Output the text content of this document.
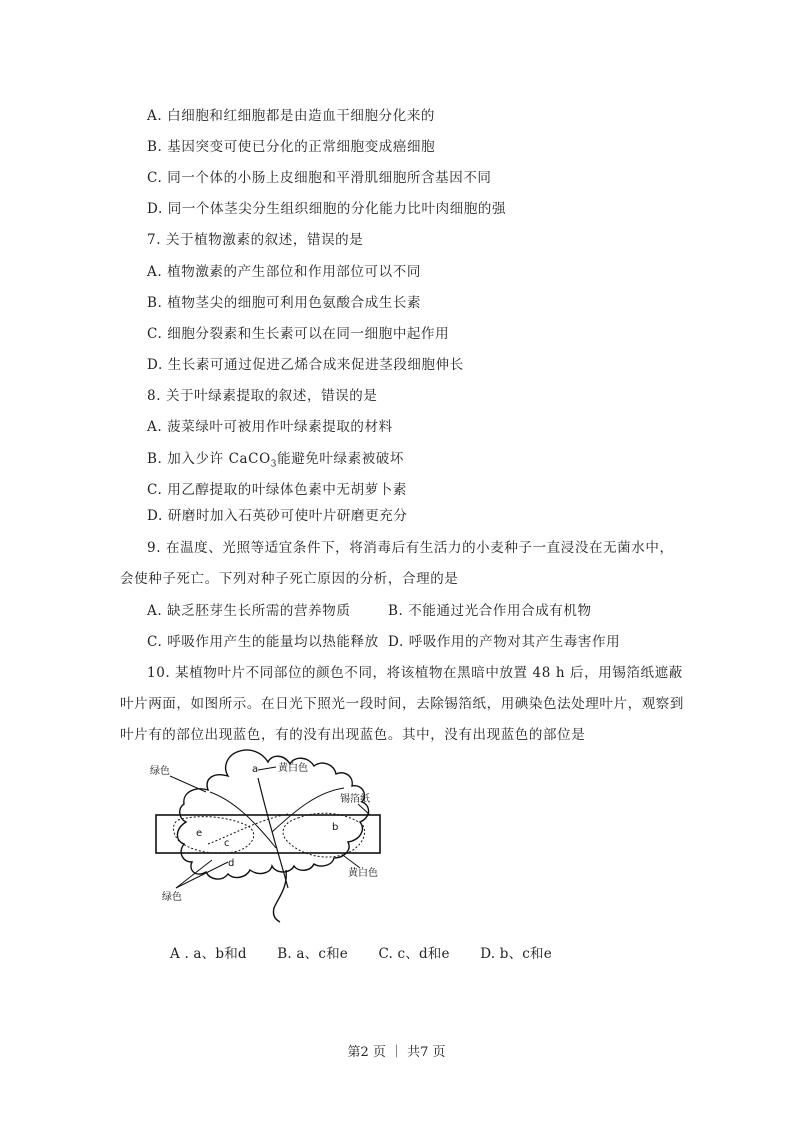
A. 白细胞和红细胞都是由造血干细胞分化来的
B. 基因突变可使已分化的正常细胞变成癌细胞
C. 同一个体的小肠上皮细胞和平滑肌细胞所含基因不同
D. 同一个体茎尖分生组织细胞的分化能力比叶肉细胞的强
7. 关于植物激素的叙述，错误的是
A. 植物激素的产生部位和作用部位可以不同
B. 植物茎尖的细胞可利用色氨酸合成生长素
C. 细胞分裂素和生长素可以在同一细胞中起作用
D. 生长素可通过促进乙烯合成来促进茎段细胞伸长
8. 关于叶绿素提取的叙述，错误的是
A. 菠菜绿叶可被用作叶绿素提取的材料
B. 加入少许 CaCO$_3$能避免叶绿素被破坏
C. 用乙醇提取的叶绿体色素中无胡萝卜素
D. 研磨时加入石英砂可使叶片研磨更充分
9. 在温度、光照等适宜条件下，将消毒后有生活力的小麦种子一直浸没在无菌水中，
会使种子死亡。下列对种子死亡原因的分析，合理的是
A. 缺乏胚芽生长所需的营养物质	B. 不能通过光合作用合成有机物
C. 呼吸作用产生的能量均以热能释放 D. 呼吸作用的产物对其产生毒害作用
10. 某植物叶片不同部位的颜色不同，将该植物在黑暗中放置 48 h 后，用锡箔纸遮蔽
叶片两面，如图所示。在日光下照光一段时间，去除锡箔纸，用碘染色法处理叶片，观察到
叶片有的部位出现蓝色，有的没有出现蓝色。其中，没有出现蓝色的部位是
绿色	a 黄白色
锡箔纸
b
c
d
e
黄白色
绿色
A . a、b和d B. a、c和e C. c、d和e D. b、c和e
第2 页 ｜ 共7 页
